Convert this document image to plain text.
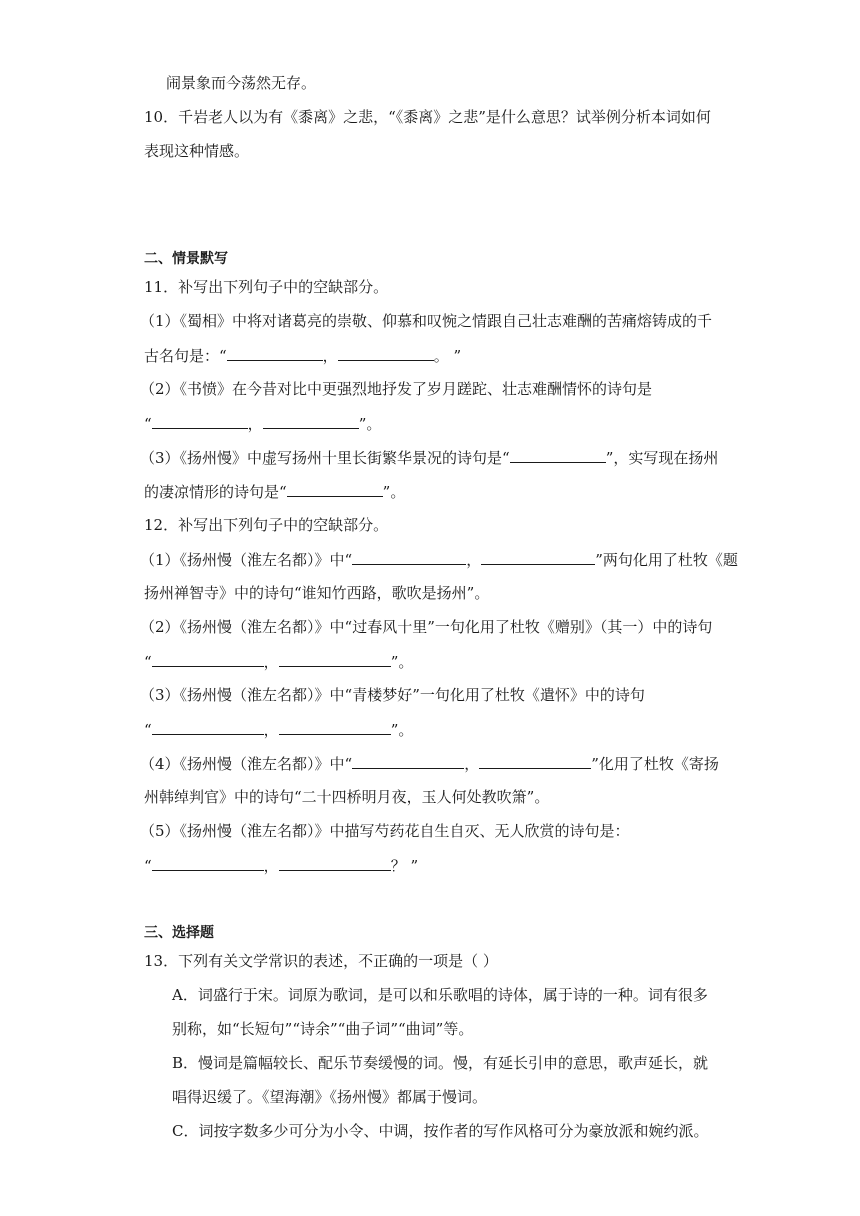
闹景象而今荡然无存。
10．千岩老人以为有《黍离》之悲，“《黍离》之悲”是什么意思？试举例分析本词如何
表现这种情感。
二、情景默写
11．补写出下列句子中的空缺部分。
（1）《蜀相》中将对诸葛亮的崇敬、仰慕和叹惋之情跟自己壮志难酬的苦痛熔铸成的千
古名句是：“	，	。 ”
（2）《书愤》在今昔对比中更强烈地抒发了岁月蹉跎、壮志难酬情怀的诗句是
“	，	”。
（3）《扬州慢》中虚写扬州十里长街繁华景况的诗句是“	”，实写现在扬州
的凄凉情形的诗句是“	”。
12．补写出下列句子中的空缺部分。
（1）《扬州慢（淮左名都）》中“	，	”两句化用了杜牧《题
扬州禅智寺》中的诗句“谁知竹西路，歌吹是扬州”。
（2）《扬州慢（淮左名都）》中“过春风十里”一句化用了杜牧《赠别》（其一）中的诗句
“	，	”。
（3）《扬州慢（淮左名都）》中“青楼梦好”一句化用了杜牧《遣怀》中的诗句
“	，	”。
（4）《扬州慢（淮左名都）》中“	，	”化用了杜牧《寄扬
州韩绰判官》中的诗句“二十四桥明月夜，玉人何处教吹箫”。
（5）《扬州慢（淮左名都）》中描写芍药花自生自灭、无人欣赏的诗句是：
“	，	？ ”
三、选择题
13．下列有关文学常识的表述，不正确的一项是（ ）
A．词盛行于宋。词原为歌词，是可以和乐歌唱的诗体，属于诗的一种。词有很多
别称，如“长短句”“诗余”“曲子词”“曲词”等。
B．慢词是篇幅较长、配乐节奏缓慢的词。慢，有延长引申的意思，歌声延长，就
唱得迟缓了。《望海潮》《扬州慢》都属于慢词。
C．词按字数多少可分为小令、中调，按作者的写作风格可分为豪放派和婉约派。
